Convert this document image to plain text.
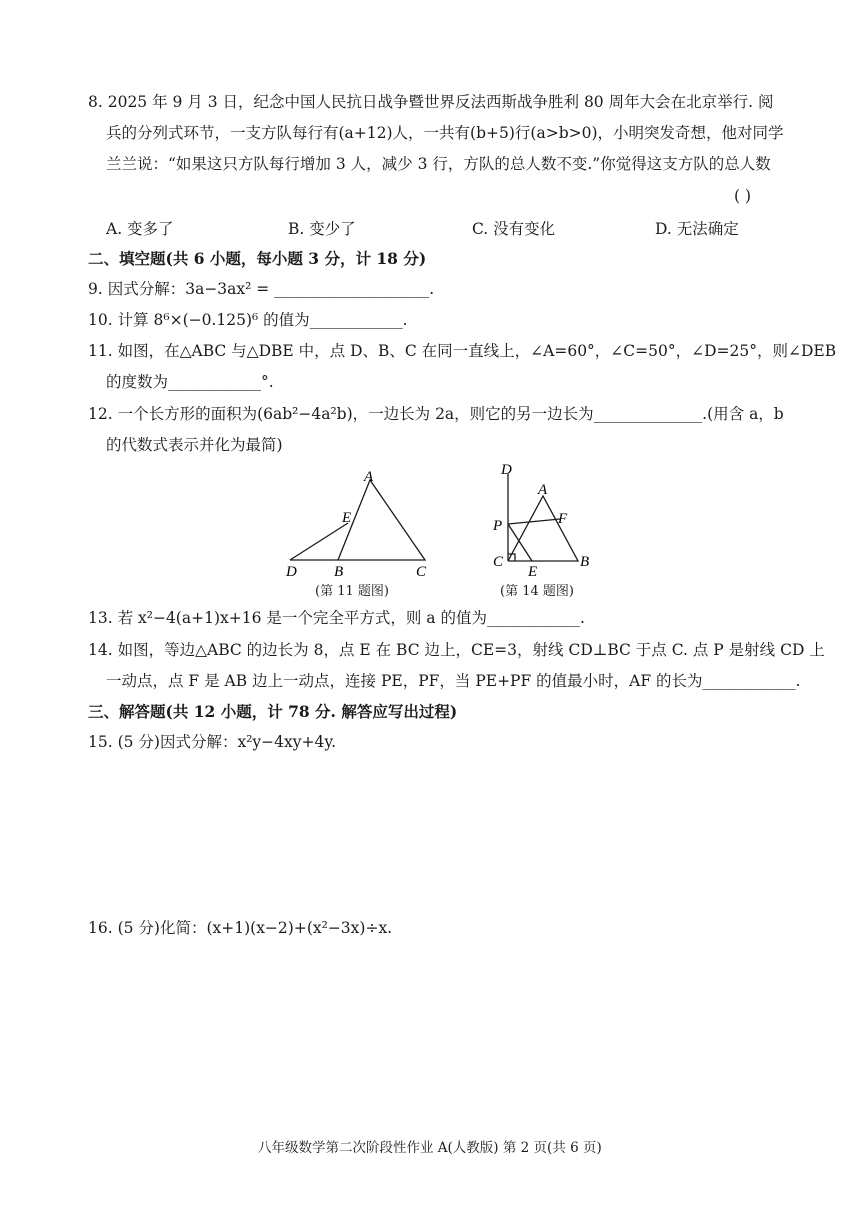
8. 2025 年 9 月 3 日，纪念中国人民抗日战争暨世界反法西斯战争胜利 80 周年大会在北京举行. 阅
兵的分列式环节，一支方队每行有(a+12)人，一共有(b+5)行(a>b>0)，小明突发奇想，他对同学
兰兰说：“如果这只方队每行增加 3 人，减少 3 行，方队的总人数不变.”你觉得这支方队的总人数
( )
A. 变多了	B. 变少了	C. 没有变化	D. 无法确定
二、填空题(共 6 小题，每小题 3 分，计 18 分)
9. 因式分解：3a−3ax² = ____________________.
10. 计算 8⁶×(−0.125)⁶ 的值为____________.
11. 如图，在△ABC 与△DBE 中，点 D、B、C 在同一直线上，∠A=60°，∠C=50°，∠D=25°，则∠DEB
的度数为____________°.
12. 一个长方形的面积为(6ab²−4a²b)，一边长为 2a，则它的另一边长为______________.(用含 a，b
的代数式表示并化为最简)
A
E
D B	C
(第 11 题图)
D
A
F
P
C
E
B
(第 14 题图)
13. 若 x²−4(a+1)x+16 是一个完全平方式，则 a 的值为____________.
14. 如图，等边△ABC 的边长为 8，点 E 在 BC 边上，CE=3，射线 CD⊥BC 于点 C. 点 P 是射线 CD 上
一动点，点 F 是 AB 边上一动点，连接 PE，PF，当 PE+PF 的值最小时，AF 的长为____________.
三、解答题(共 12 小题，计 78 分. 解答应写出过程)
15. (5 分)因式分解：x²y−4xy+4y.
16. (5 分)化简：(x+1)(x−2)+(x²−3x)÷x.
八年级数学第二次阶段性作业 A(人教版) 第 2 页(共 6 页)
